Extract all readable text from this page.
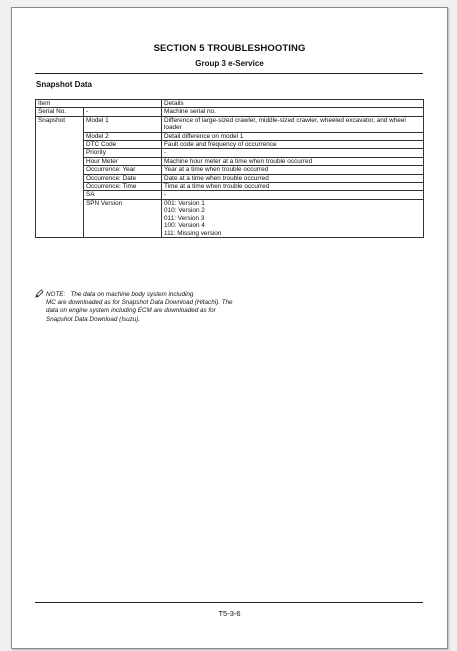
SECTION 5 TROUBLESHOOTING
Group 3 e-Service
Snapshot Data
Item		Details
Serial No.	-	Machine serial no.
Snapshot	Model 1	Difference of large-sized crawler, middle-sized crawler, wheeled excavator, and wheel loader
	Model 2	Detail difference on model 1
	DTC Code	Fault code and frequency of occurrence
	Priority	-
	Hour Meter	Machine hour meter at a time when trouble occurred
	Occurrence: Year	Year at a time when trouble occurred
	Occurrence: Date	Date at a time when trouble occurred
	Occurrence: Time	Time at a time when trouble occurred
	SA	-
	SPN Version	001: Version 1
010: Version 2
011: Version 3
100: Version 4
111: Missing version
NOTE: The data on machine body system including
MC are downloaded as for Snapshot Data Download (Hitachi). The data on engine system including ECM are downloaded as for Snapshot Data Download (Isuzu).
T5-3-6
